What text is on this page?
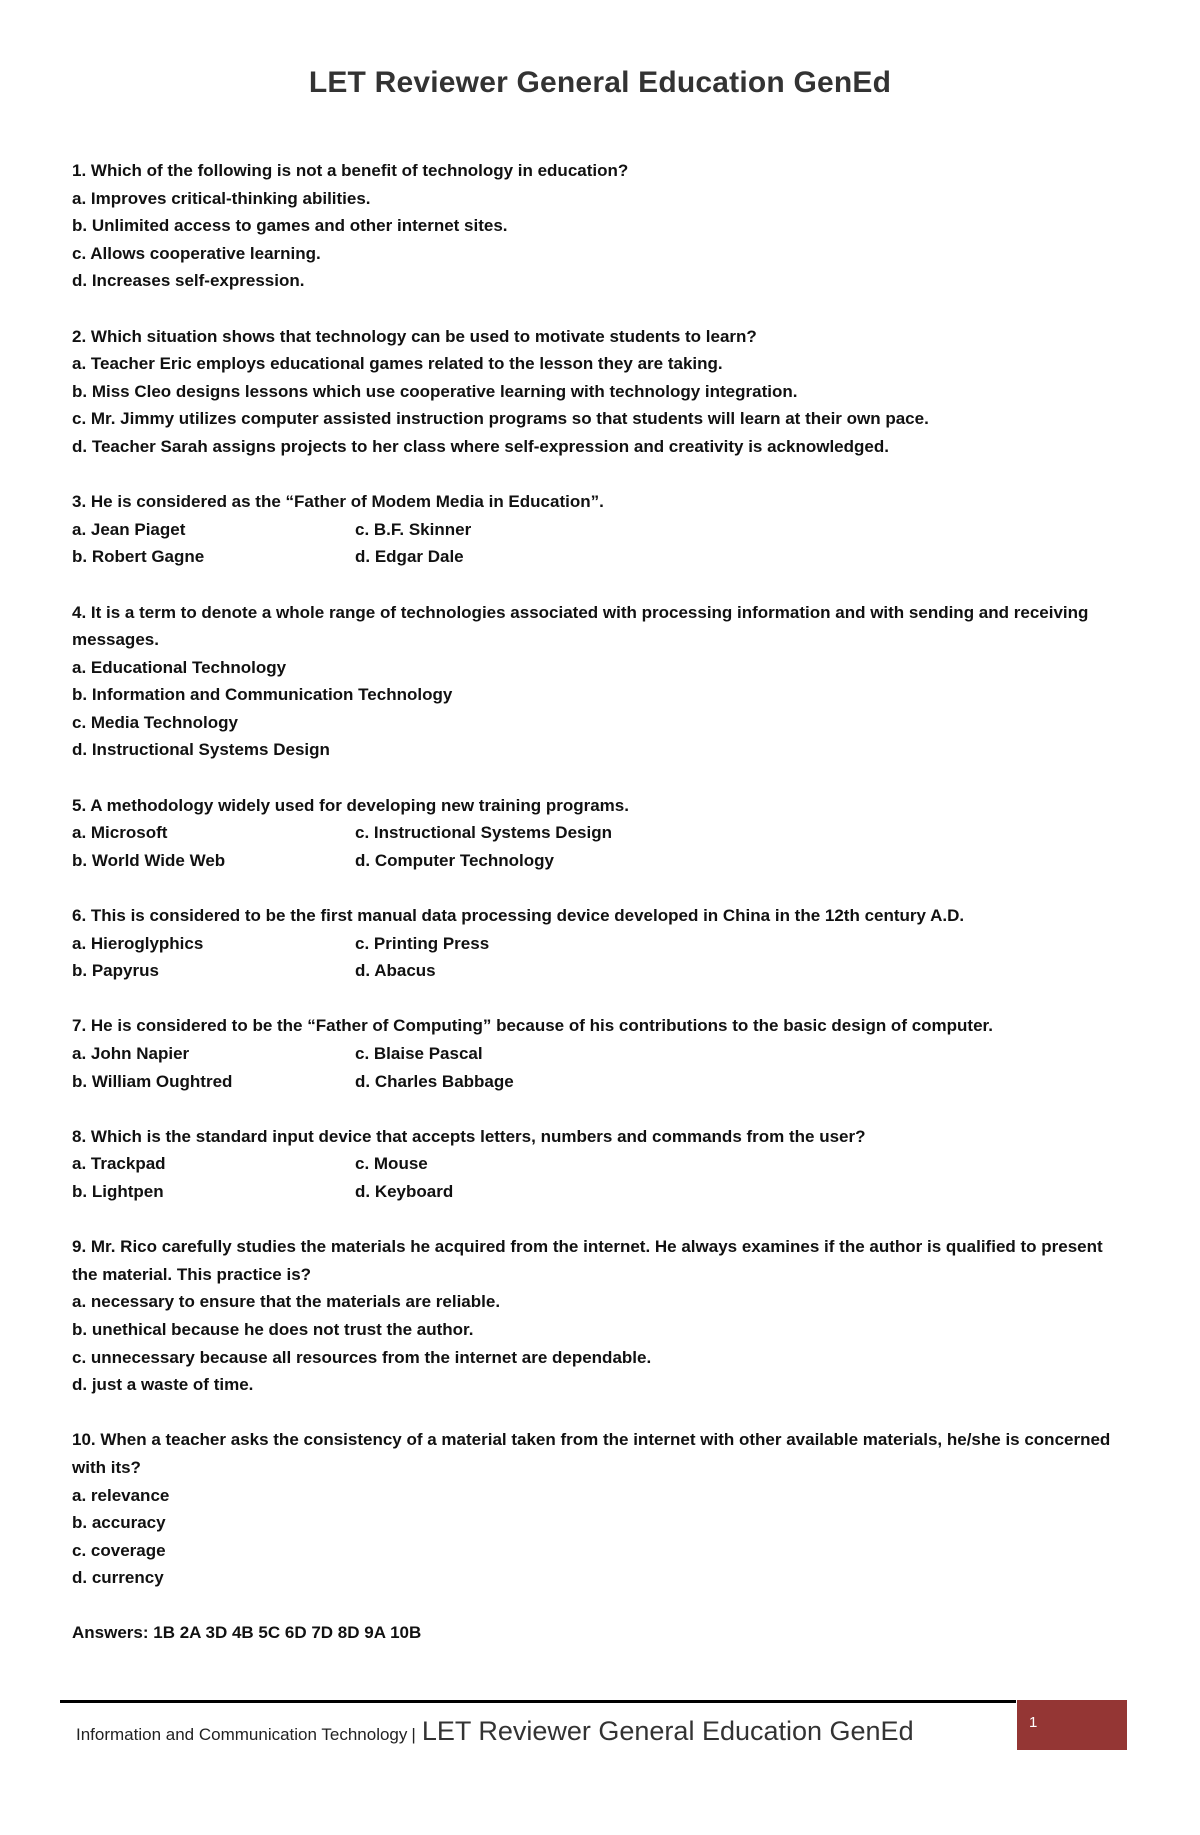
LET Reviewer General Education GenEd
1. Which of the following is not a benefit of technology in education?
a. Improves critical-thinking abilities.
b. Unlimited access to games and other internet sites.
c. Allows cooperative learning.
d. Increases self-expression.
2. Which situation shows that technology can be used to motivate students to learn?
a. Teacher Eric employs educational games related to the lesson they are taking.
b. Miss Cleo designs lessons which use cooperative learning with technology integration.
c. Mr. Jimmy utilizes computer assisted instruction programs so that students will learn at their own pace.
d. Teacher Sarah assigns projects to her class where self-expression and creativity is acknowledged.
3. He is considered as the “Father of Modem Media in Education”.
a. Jean Piaget	c. B.F. Skinner
b. Robert Gagne	d. Edgar Dale
4. It is a term to denote a whole range of technologies associated with processing information and with sending and receiving messages.
a. Educational Technology
b. Information and Communication Technology
c. Media Technology
d. Instructional Systems Design
5. A methodology widely used for developing new training programs.
a. Microsoft	c. Instructional Systems Design
b. World Wide Web	d. Computer Technology
6. This is considered to be the first manual data processing device developed in China in the 12th century A.D.
a. Hieroglyphics	c. Printing Press
b. Papyrus	d. Abacus
7. He is considered to be the “Father of Computing” because of his contributions to the basic design of computer.
a. John Napier	c. Blaise Pascal
b. William Oughtred	d. Charles Babbage
8. Which is the standard input device that accepts letters, numbers and commands from the user?
a. Trackpad	c. Mouse
b. Lightpen	d. Keyboard
9. Mr. Rico carefully studies the materials he acquired from the internet. He always examines if the author is qualified to present the material. This practice is?
a. necessary to ensure that the materials are reliable.
b. unethical because he does not trust the author.
c. unnecessary because all resources from the internet are dependable.
d. just a waste of time.
10. When a teacher asks the consistency of a material taken from the internet with other available materials, he/she is concerned with its?
a. relevance
b. accuracy
c. coverage
d. currency
Answers: 1B 2A 3D 4B 5C 6D 7D 8D 9A 10B
Information and Communication Technology | LET Reviewer General Education GenEd	1
